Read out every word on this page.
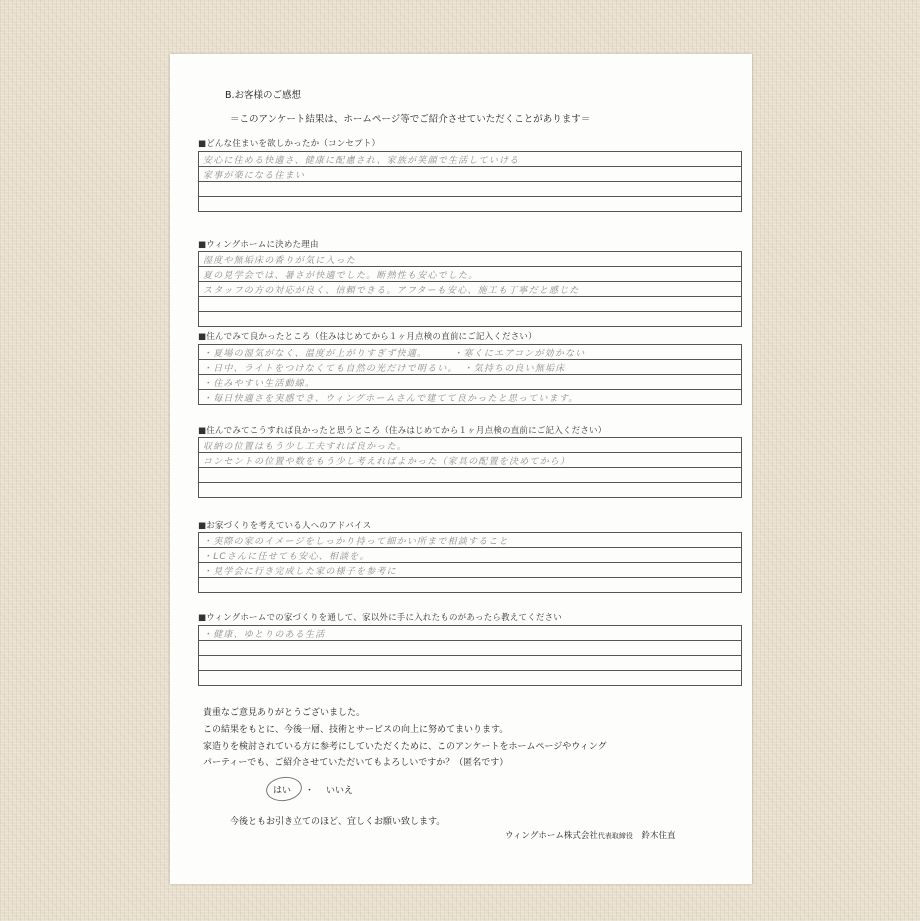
B.お客様のご感想
＝このアンケート結果は、ホームページ等でご紹介させていただくことがあります＝
■どんな住まいを欲しかったか（コンセプト）
安心に住める快適さ、健康に配慮され、家族が笑顔で生活していける
家事が楽になる住まい
■ウィングホームに決めた理由
湿度や無垢床の香りが気に入った
夏の見学会では、暑さが快適でした。断熱性も安心でした。
スタッフの方の対応が良く、信頼できる。アフターも安心、施工も丁寧だと感じた
■住んでみて良かったところ（住みはじめてから１ヶ月点検の直前にご記入ください）
・夏場の湿気がなく、温度が上がりすぎず快適。　　　・寒くにエアコンが効かない
・日中、ライトをつけなくても自然の光だけで明るい。　・気持ちの良い無垢床
・住みやすい生活動線。
・毎日快適さを実感でき、ウィングホームさんで建てて良かったと思っています。
■住んでみてこうすれば良かったと思うところ（住みはじめてから１ヶ月点検の直前にご記入ください）
収納の位置はもう少し工夫すれば良かった。
コンセントの位置や数をもう少し考えればよかった（家具の配置を決めてから）
■お家づくりを考えている人へのアドバイス
・実際の家のイメージをしっかり持って細かい所まで相談すること
・LCさんに任せても安心、相談を。
・見学会に行き完成した家の様子を参考に
■ウィングホームでの家づくりを通して、家以外に手に入れたものがあったら教えてください
・健康、ゆとりのある生活
貴重なご意見ありがとうございました。
この結果をもとに、今後一層、技術とサービスの向上に努めてまいります。
家造りを検討されている方に参考にしていただくために、このアンケートをホームページやウィング
パーティーでも、ご紹介させていただいてもよろしいですか？（匿名です）
はい ・ いいえ
今後ともお引き立てのほど、宜しくお願い致します。
ウィングホーム株式会社代表取締役 鈴木住直
